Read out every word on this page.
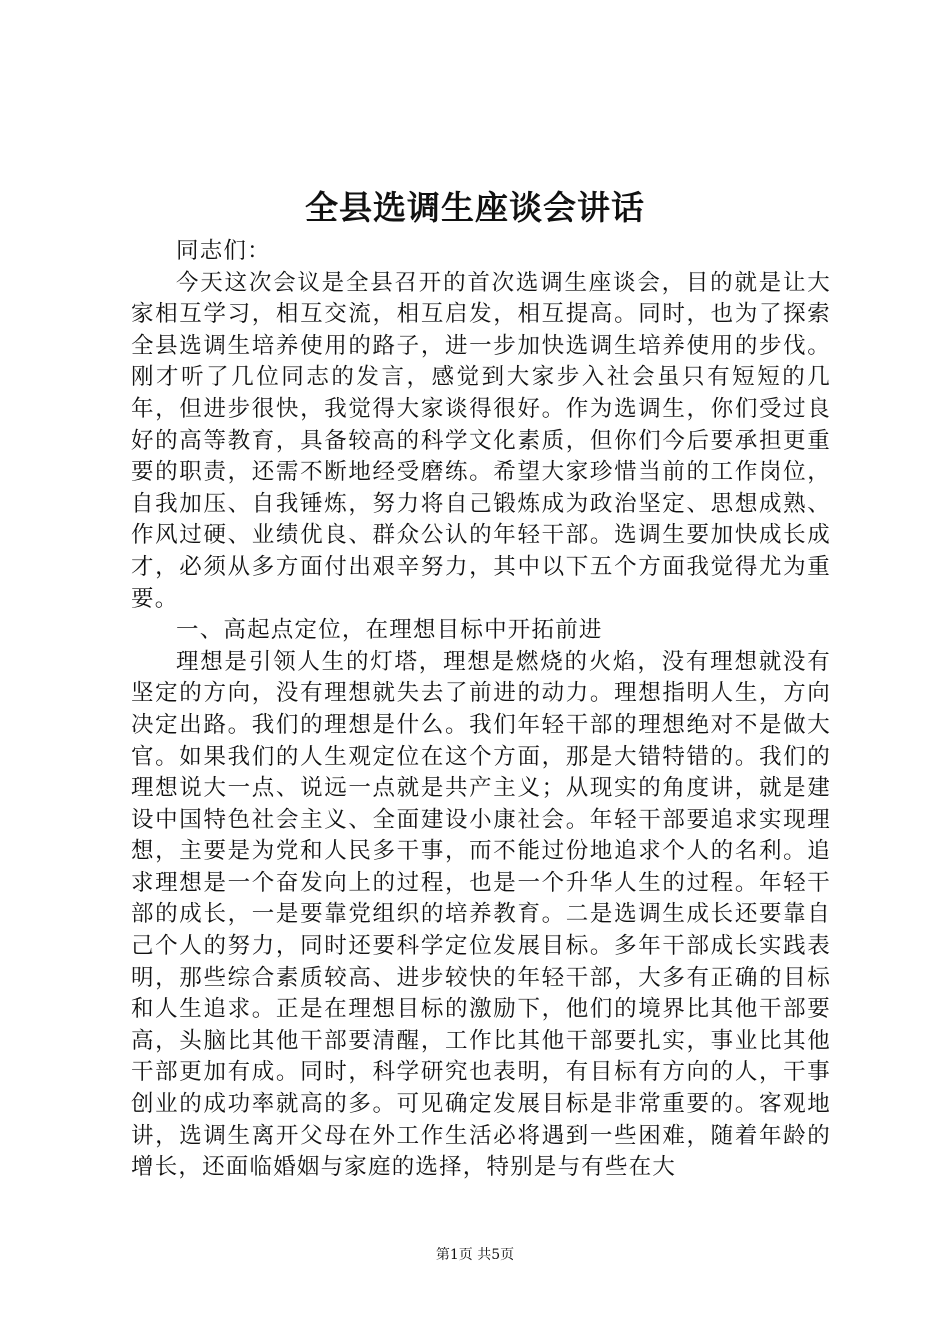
全县选调生座谈会讲话

同志们：

今天这次会议是全县召开的首次选调生座谈会，目的就是让大家相互学习，相互交流，相互启发，相互提高。同时，也为了探索全县选调生培养使用的路子，进一步加快选调生培养使用的步伐。刚才听了几位同志的发言，感觉到大家步入社会虽只有短短的几年，但进步很快，我觉得大家谈得很好。作为选调生，你们受过良好的高等教育，具备较高的科学文化素质，但你们今后要承担更重要的职责，还需不断地经受磨练。希望大家珍惜当前的工作岗位，自我加压、自我锤炼，努力将自己锻炼成为政治坚定、思想成熟、作风过硬、业绩优良、群众公认的年轻干部。选调生要加快成长成才，必须从多方面付出艰辛努力，其中以下五个方面我觉得尤为重要。

一、高起点定位，在理想目标中开拓前进

理想是引领人生的灯塔，理想是燃烧的火焰，没有理想就没有坚定的方向，没有理想就失去了前进的动力。理想指明人生，方向决定出路。我们的理想是什么。我们年轻干部的理想绝对不是做大官。如果我们的人生观定位在这个方面，那是大错特错的。我们的理想说大一点、说远一点就是共产主义；从现实的角度讲，就是建设中国特色社会主义、全面建设小康社会。年轻干部要追求实现理想，主要是为党和人民多干事，而不能过份地追求个人的名利。追求理想是一个奋发向上的过程，也是一个升华人生的过程。年轻干部的成长，一是要靠党组织的培养教育。二是选调生成长还要靠自己个人的努力，同时还要科学定位发展目标。多年干部成长实践表明，那些综合素质较高、进步较快的年轻干部，大多有正确的目标和人生追求。正是在理想目标的激励下，他们的境界比其他干部要高，头脑比其他干部要清醒，工作比其他干部要扎实，事业比其他干部更加有成。同时，科学研究也表明，有目标有方向的人，干事创业的成功率就高的多。可见确定发展目标是非常重要的。客观地讲，选调生离开父母在外工作生活必将遇到一些困难，随着年龄的增长，还面临婚姻与家庭的选择，特别是与有些在大

第1页 共5页
